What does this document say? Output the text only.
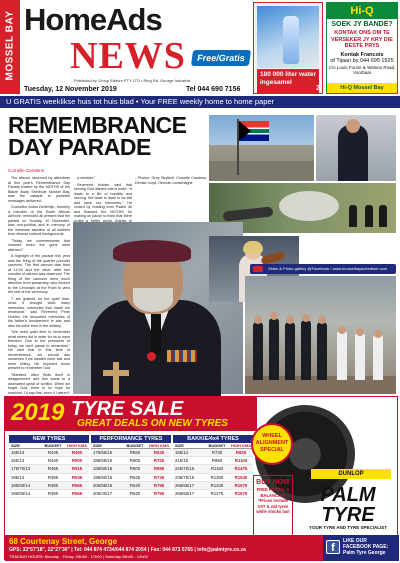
MOSSEL BAY HomeAds
NEWS	Free/Gratis
Published by Group Editors PTY LTD • Ring Rd, George Industria
Tuesday, 12 November 2019	Tel 044 690 7156
U GRATIS weeklikse huis tot huis blad • Your FREE weekly home to home paper
180 000 liter water ingesamel
2
Hi-Q
SOEK JY BANDE?
KONTAK ONS OM TE VERSEKER JY KRY DIE BESTE PRYS
Kontak Francois
of Tijaan by 044 695 1525
C/o Louis Fourie & Watson Road, Voorbaai
Hi-Q Mossel Bay
REMEMBRANCE DAY PARADE
Cornelle Carstens

The silence observed by attendees at this year's Remembrance Day Parade hosted by the MOTHS of the Blaize Away Shellhole Mossel Bay, was the catalyst to powerful messages delivered.

Councillor Anton Dellemijn, formerly a member of the South African Airforce, reminded all present that the parade on Sunday, 10 November, was non-political and in memory of the immense sacrifice of all soldiers from diverse cultural backgrounds.

"Today, we commemorate that moment when the guns were silenced."

A highlight of the parade this year was the firing of the quarter pounder cannons. The first cannon was fired at 11:00 and the other, after two minutes of silence was observed. The firing of the cannons drew much attention from passersby, who flocked to the Cenotaph at the Point to view the rest of the ceremony.

"I am grateful for the quiet time, since it brought back many memories, memories that made me emotional," said Reverend Peter Holden. He recounted memories of his father's involvement in war and also his sons' time in the military.

"We need quiet time to remember what others did in order for us to have freedom. Due to the pressures of today, we don't pause to remember." He said that in this time of remembrance, we should ask ourselves if we wanted more war and more killing. He implored those present to remember God.

"Mankind often finds itself in disagreement and this leads to a downward spiral of conflict. When we forget God, there is no hope for mankind. I'd say that, even if I weren't

a minister."

Reverend Holden said that serving God altered man's heart. "It leads to a life of humility and serving. We have to learn to be still and have our memories." He closed by reading from Psalm 46 and thanked the MOTHS for making us pause to think that there exists a better world, thanks to

- Photos: Grey Stryttoft, Cornelle Carstens, Denise Lloyd, Herman Lanschagne
Video & Photo gallery @Facebook / www.mosselbayadvertiser.com
2019 TYRE SALE
GREAT DEALS ON NEW TYRES
NEW TYRES
SIZE	BUDGET	HIGH KMS
155/13	R445	R450
165/13	R440	R500
175/70/13	R465	R515
185/14	R485	R535
185/60/14	R480	R565
185/65/14	R480	R565
PERFORMANCE TYRES
SIZE	BUDGET	HIGH KMS
175/65/15	R550	R625
185/55/15	R600	R725
185/60/15	R600	R695
195/50/15	R625	R735
205/55/16	R620	R795
205/40/17	R620	R795
BAKKIE/4x4 TYRES
SIZE	BUDGET	HIGH KMS
195/14	R730	R825
215/15	R950	R1100
245/70/16	R1150	R1475
235/75/15	R1260	R1540
265/65/17	R1340	R1675
265/60/17	R1275	R1675
WHEEL ALIGNMENT SPECIAL
DUNLOP
BUY NOW
FREE FITTING & BALANCING *Prices include VAT & old tyres while stocks last
PALM TYRE
YOUR TYRE AND TYRE SPECIALIST
68 Courtenay Street, George
GPS: 33°57'18", 22°27'30" | Tel: 044 874 4734/044 874 2054 | Fax: 044 873 5765 | info@palmtyre.co.za
TRADING HOURS: Monday - Friday: 08h00 - 17h00 | Saturday 08h00 - 12h00
f
LIKE OUR FACEBOOK PAGE: Palm Tyre George
